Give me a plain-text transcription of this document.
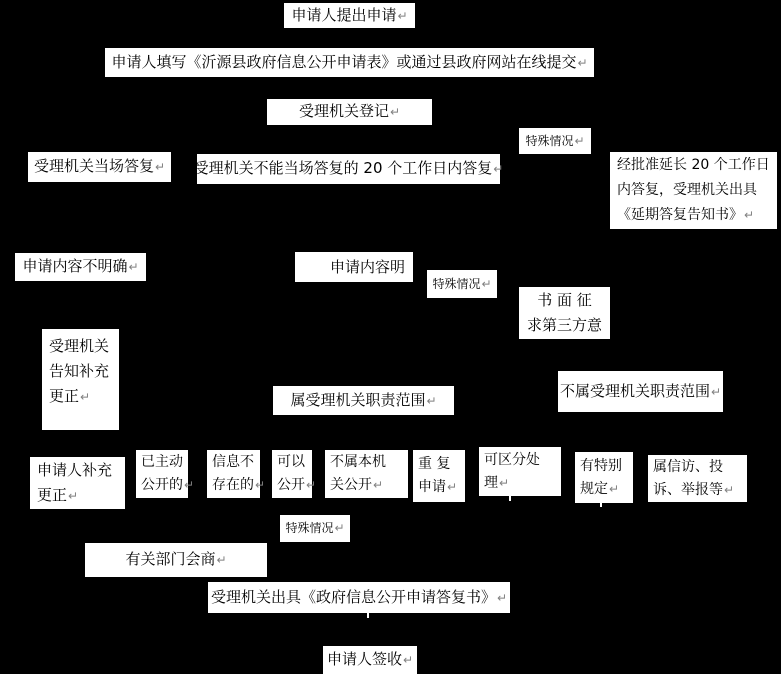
申请人提出申请 ↵
申请人填写《沂源县政府信息公开申请表》或通过县政府网站在线提交 ↵
受理机关登记 ↵
特殊情况 ↵
受理机关当场答复 ↵ 受理机关不能当场答复的 20 个工作日内答复 ↵	经批准延长 20 个工作日
内答复，受理机关出具
《延期答复告知书》 ↵
申请内容不明确 ↵	申请内容明
特殊情况 ↵
书 面 征
求第三方意
受理机关
告知补充
更正 ↵	属受理机关职责范围 ↵
不属受理机关职责范围 ↵
申请人补充
更正 ↵
已主动
公开的 ↵
信息不
存在的 ↵
可以
公开 ↵
不属本机
关公开 ↵
重 复
申请 ↵
可区分处
理 ↵
有特别
规定 ↵
属信访、投
诉、举报等 ↵
特殊情况 ↵
有关部门会商 ↵
受理机关出具《政府信息公开申请答复书》 ↵
申请人签收 ↵
